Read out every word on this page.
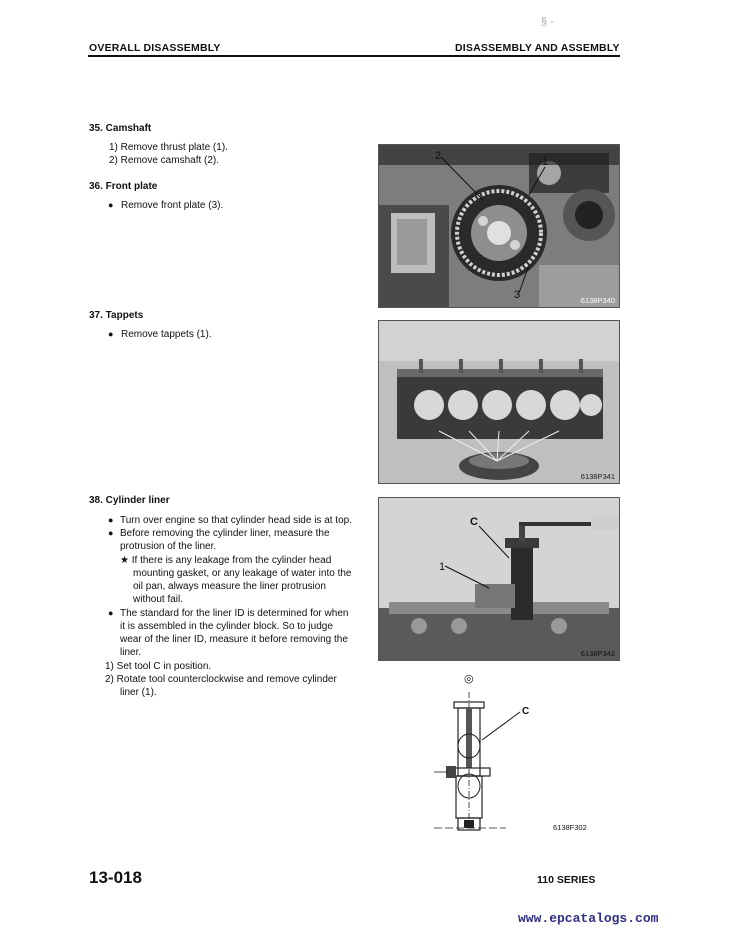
§ -
OVERALL DISASSEMBLY	DISASSEMBLY AND ASSEMBLY
35. Camshaft
1) Remove thrust plate (1).
2) Remove camshaft (2).
36. Front plate
● Remove front plate (3).
37. Tappets
● Remove tappets (1).
38. Cylinder liner
● Turn over engine so that cylinder head side is at top.
● Before removing the cylinder liner, measure the
protrusion of the liner.
★ If there is any leakage from the cylinder head
mounting gasket, or any leakage of water into the
oil pan, always measure the liner protrusion
without fail.
● The standard for the liner ID is determined for when
it is assembled in the cylinder block. So to judge
wear of the liner ID, measure it before removing the
liner.
1) Set tool C in position.
2) Rotate tool counterclockwise and remove cylinder
liner (1).
2	1
3	6138P340
6138P341
C
1
6138P342
◎
C
6138F302
13-018	110 SERIES
www.epcatalogs.com
